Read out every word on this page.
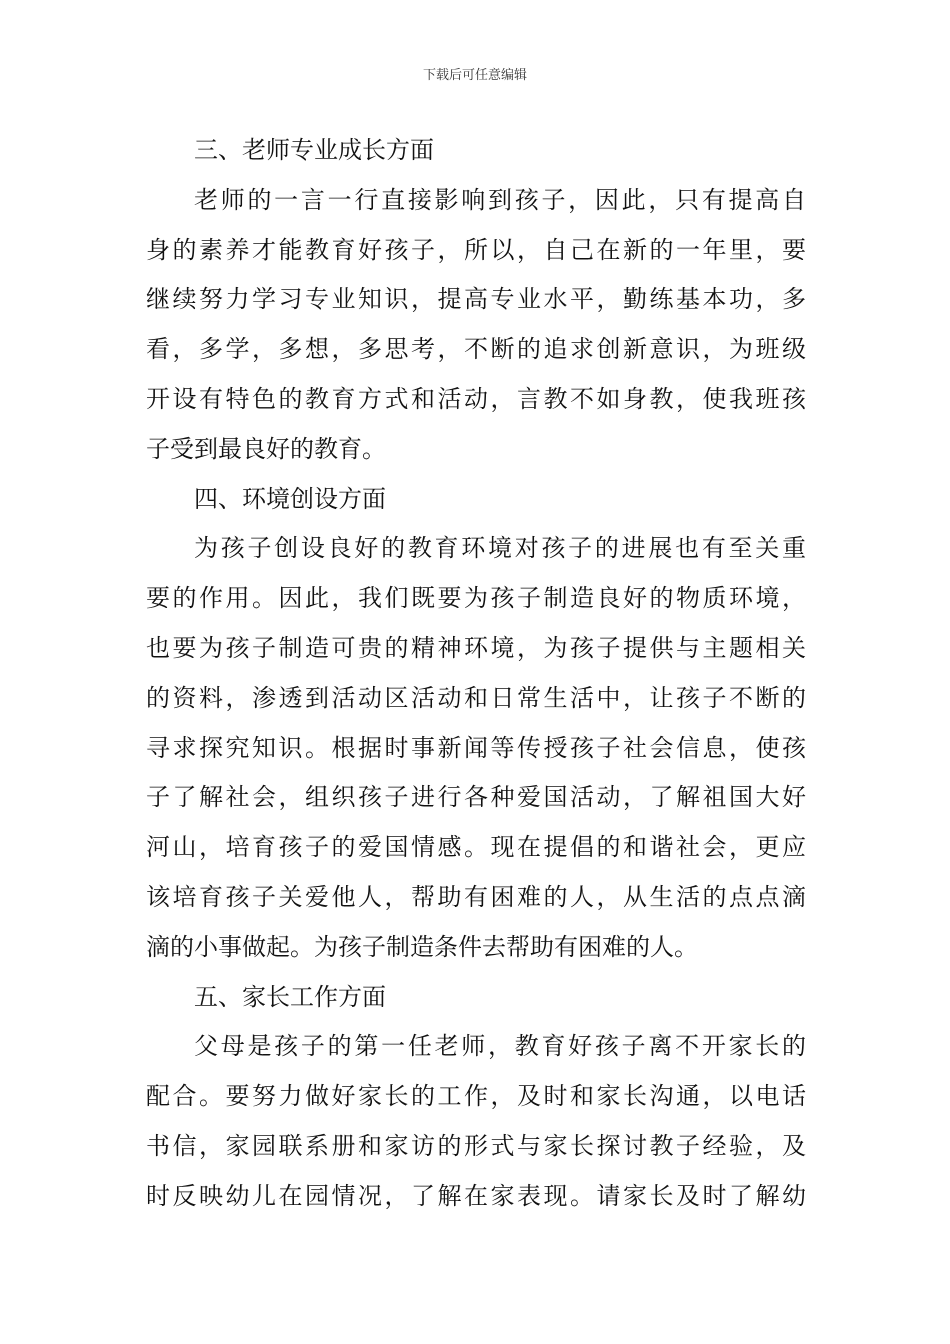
下载后可任意编辑
三、老师专业成长方面
老师的一言一行直接影响到孩子，因此，只有提高自
身的素养才能教育好孩子，所以，自己在新的一年里，要
继续努力学习专业知识，提高专业水平，勤练基本功，多
看，多学，多想，多思考，不断的追求创新意识，为班级
开设有特色的教育方式和活动，言教不如身教，使我班孩
子受到最良好的教育。
四、环境创设方面
为孩子创设良好的教育环境对孩子的进展也有至关重
要的作用。因此，我们既要为孩子制造良好的物质环境，
也要为孩子制造可贵的精神环境，为孩子提供与主题相关
的资料，渗透到活动区活动和日常生活中，让孩子不断的
寻求探究知识。根据时事新闻等传授孩子社会信息，使孩
子了解社会，组织孩子进行各种爱国活动，了解祖国大好
河山，培育孩子的爱国情感。现在提倡的和谐社会，更应
该培育孩子关爱他人，帮助有困难的人，从生活的点点滴
滴的小事做起。为孩子制造条件去帮助有困难的人。
五、家长工作方面
父母是孩子的第一任老师，教育好孩子离不开家长的
配合。要努力做好家长的工作，及时和家长沟通，以电话
书信，家园联系册和家访的形式与家长探讨教子经验，及
时反映幼儿在园情况，了解在家表现。请家长及时了解幼
